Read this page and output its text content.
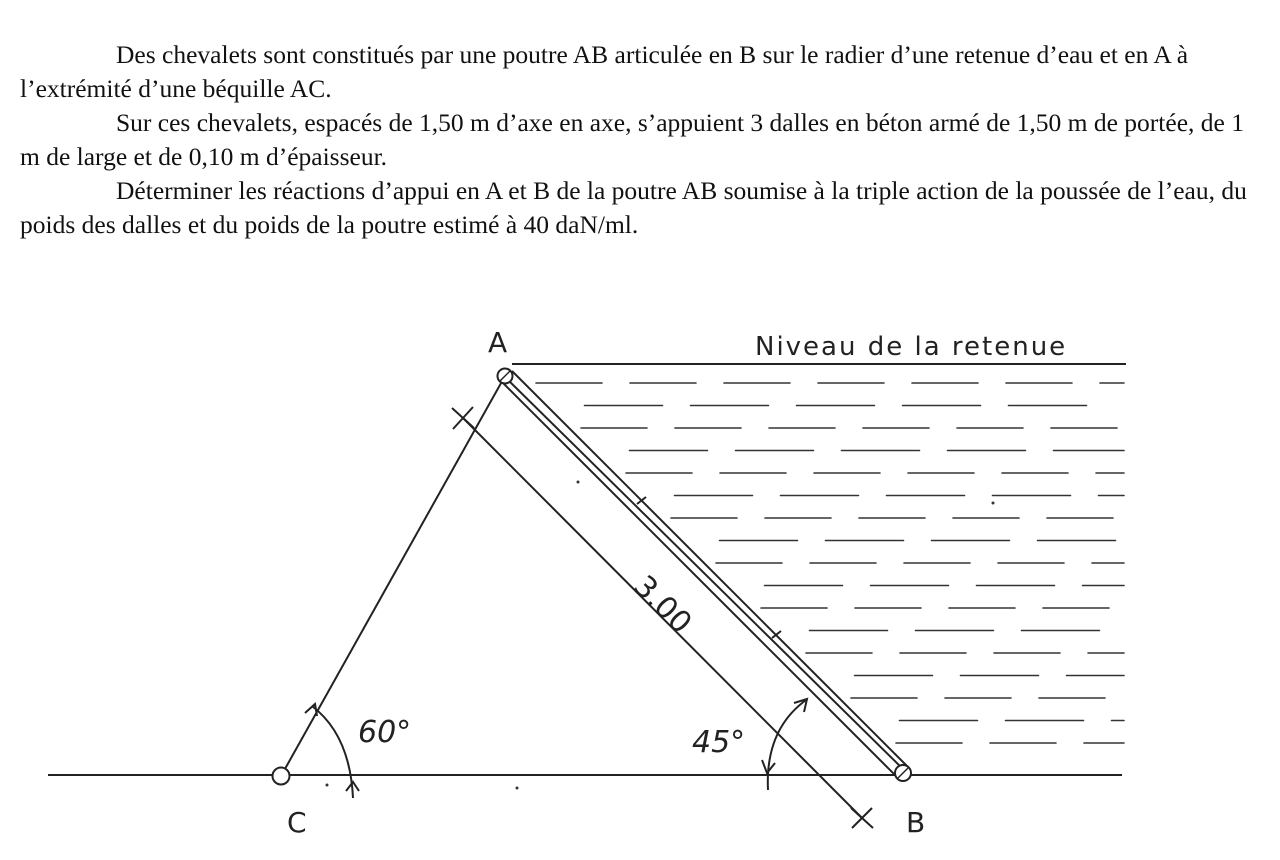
Des chevalets sont constitués par une poutre AB articulée en B sur le radier d’une retenue d’eau et en A à l’extrémité d’une béquille AC.

Sur ces chevalets, espacés de 1,50 m d’axe en axe, s’appuient 3 dalles en béton armé de 1,50 m de portée, de 1 m de large et de 0,10 m d’épaisseur.

Déterminer les réactions d’appui en A et B de la poutre AB soumise à la triple action de la poussée de l’eau, du poids des dalles et du poids de la poutre estimé à 40 daN/ml.

A
B
C
Niveau de la retenue
3.00
60°	45°
